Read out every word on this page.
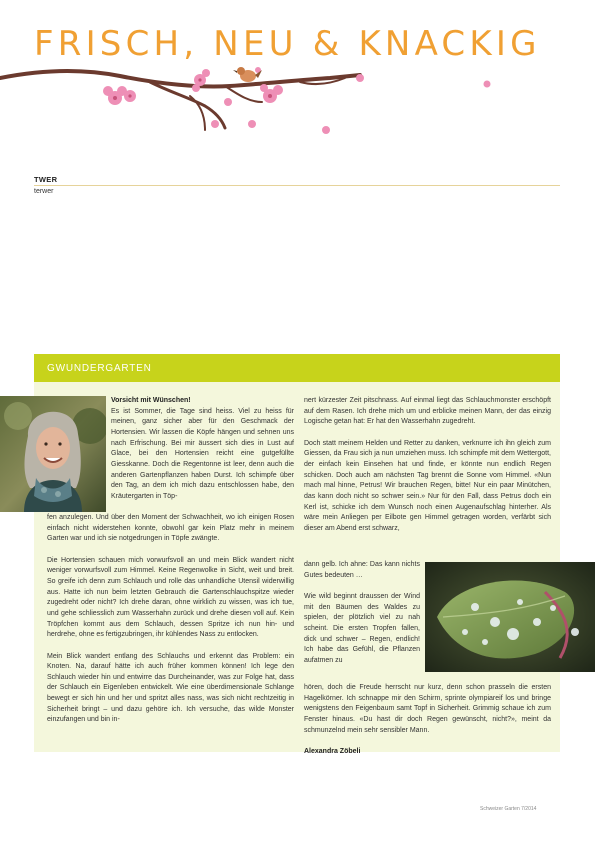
FRISCH, NEU & KNACKIG
TWER
terwer
GWUNDERGARTEN

Vorsicht mit Wünschen!

Es ist Sommer, die Tage sind heiss. Viel zu heiss für meinen, ganz sicher aber für den Geschmack der Hortensien. Wir lassen die Köpfe hängen und sehnen uns nach Erfrischung. Bei mir äussert sich dies in Lust auf Glace, bei den Hortensien reicht eine gutgefüllte Giesskanne. Doch die Regentonne ist leer, denn auch die anderen Gartenpflanzen haben Durst. Ich schimpfe über den Tag, an dem ich mich dazu entschlossen habe, den Kräutergarten in Töp-

fen anzulegen. Und über den Moment der Schwachheit, wo ich einigen Rosen einfach nicht widerstehen konnte, obwohl gar kein Platz mehr in meinem Garten war und ich sie notgedrungen in Töpfe zwängte.

Die Hortensien schauen mich vorwurfsvoll an und mein Blick wandert nicht weniger vorwurfsvoll zum Himmel. Keine Regenwolke in Sicht, weit und breit. So greife ich denn zum Schlauch und rolle das unhandliche Utensil widerwillig aus. Hatte ich nun beim letzten Gebrauch die Gartenschlauchspitze wieder zugedreht oder nicht? Ich drehe daran, ohne wirklich zu wissen, was ich tue, und gehe schliesslich zum Wasserhahn zurück und drehe diesen voll auf. Kein Tröpfchen kommt aus dem Schlauch, dessen Spritze ich nun hin- und herdrehe, ohne es fertigzubringen, ihr kühlendes Nass zu entlocken.

Mein Blick wandert entlang des Schlauchs und erkennt das Problem: ein Knoten. Na, darauf hätte ich auch früher kommen können! Ich lege den Schlauch wieder hin und entwirre das Durcheinander, was zur Folge hat, dass der Schlauch ein Eigenleben entwickelt. Wie eine überdimensionale Schlange bewegt er sich hin und her und spritzt alles nass, was sich nicht rechtzeitig in Sicherheit bringt – und dazu gehöre ich. Ich versuche, das wilde Monster einzufangen und bin in-

nert kürzester Zeit pitschnass. Auf einmal liegt das Schlauchmonster erschöpft auf dem Rasen. Ich drehe mich um und erblicke meinen Mann, der das einzig Logische getan hat: Er hat den Wasserhahn zugedreht.

Doch statt meinem Helden und Retter zu danken, verknurre ich ihn gleich zum Giessen, da Frau sich ja nun umziehen muss. Ich schimpfe mit dem Wettergott, der einfach kein Einsehen hat und finde, er könnte nun endlich Regen schicken. Doch auch am nächsten Tag brennt die Sonne vom Himmel. «Nun mach mal hinne, Petrus! Wir brauchen Regen, bitte! Nur ein paar Minütchen, das kann doch nicht so schwer sein.» Nur für den Fall, dass Petrus doch ein Kerl ist, schicke ich dem Wunsch noch einen Augenaufschlag hinterher. Als wäre mein Anliegen per Eilbote gen Himmel getragen worden, verfärbt sich dieser am Abend erst schwarz,

dann gelb. Ich ahne: Das kann nichts Gutes bedeuten …

Wie wild beginnt draussen der Wind mit den Bäumen des Waldes zu spielen, der plötzlich viel zu nah scheint. Die ersten Tropfen fallen, dick und schwer – Regen, endlich! Ich habe das Gefühl, die Pflanzen aufatmen zu

hören, doch die Freude herrscht nur kurz, denn schon prasseln die ersten Hagelkörner. Ich schnappe mir den Schirm, sprinte olympiareif los und bringe wenigstens den Feigenbaum samt Topf in Sicherheit. Grimmig schaue ich zum Fenster hinaus. «Du hast dir doch Regen gewünscht, nicht?», meint da schmunzelnd mein sehr sensibler Mann.

Alexandra Zöbeli

Schweizer Garten 7/2014
